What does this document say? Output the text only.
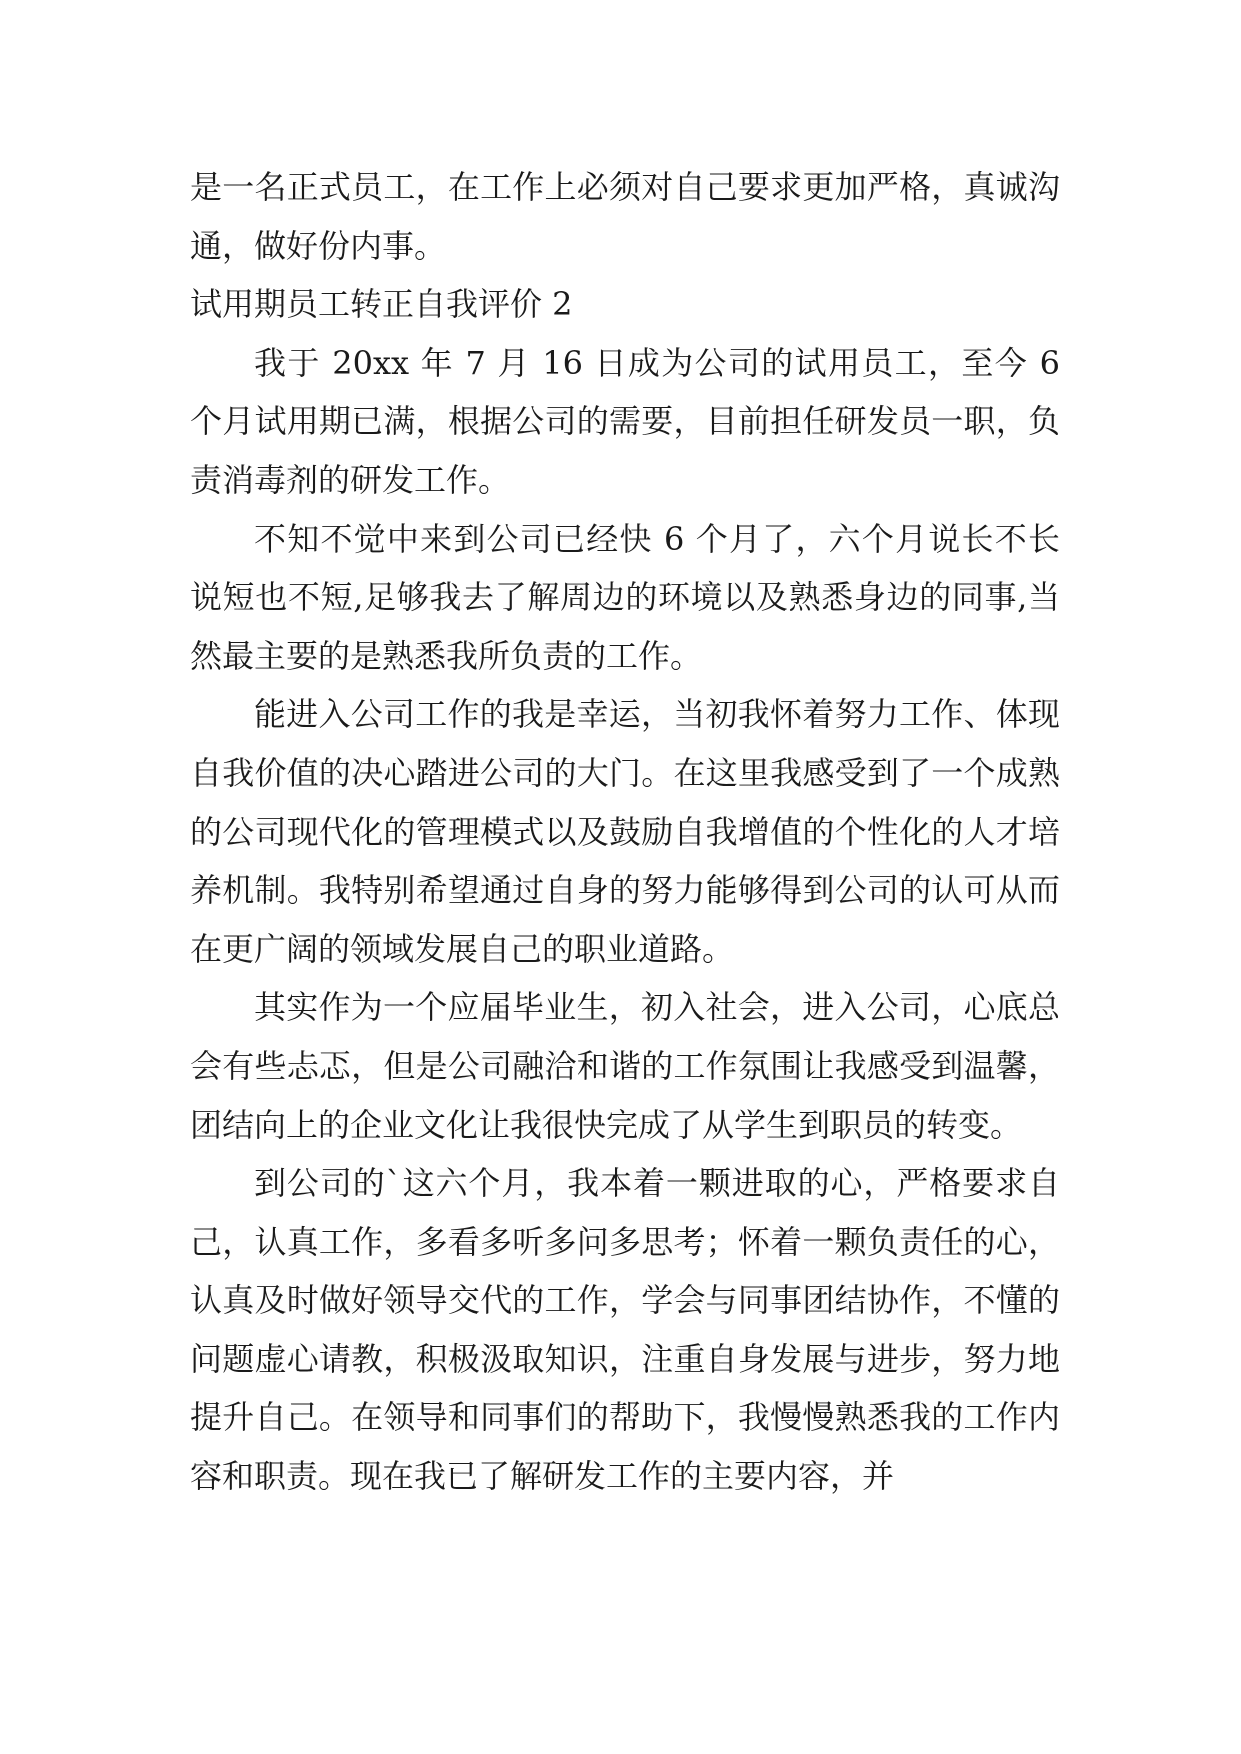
是一名正式员工，在工作上必须对自己要求更加严格，真诚沟通，做好份内事。

试用期员工转正自我评价 2

我于 20xx 年 7 月 16 日成为公司的试用员工，至今 6 个月试用期已满，根据公司的需要，目前担任研发员一职，负责消毒剂的研发工作。

不知不觉中来到公司已经快 6 个月了，六个月说长不长说短也不短,足够我去了解周边的环境以及熟悉身边的同事,当然最主要的是熟悉我所负责的工作。

能进入公司工作的我是幸运，当初我怀着努力工作、体现自我价值的决心踏进公司的大门。在这里我感受到了一个成熟的公司现代化的管理模式以及鼓励自我增值的个性化的人才培养机制。我特别希望通过自身的努力能够得到公司的认可从而在更广阔的领域发展自己的职业道路。

其实作为一个应届毕业生，初入社会，进入公司，心底总会有些忐忑，但是公司融洽和谐的工作氛围让我感受到温馨，团结向上的企业文化让我很快完成了从学生到职员的转变。

到公司的`这六个月，我本着一颗进取的心，严格要求自己，认真工作，多看多听多问多思考；怀着一颗负责任的心，认真及时做好领导交代的工作，学会与同事团结协作，不懂的问题虚心请教，积极汲取知识，注重自身发展与进步，努力地提升自己。在领导和同事们的帮助下，我慢慢熟悉我的工作内容和职责。现在我已了解研发工作的主要内容，并
